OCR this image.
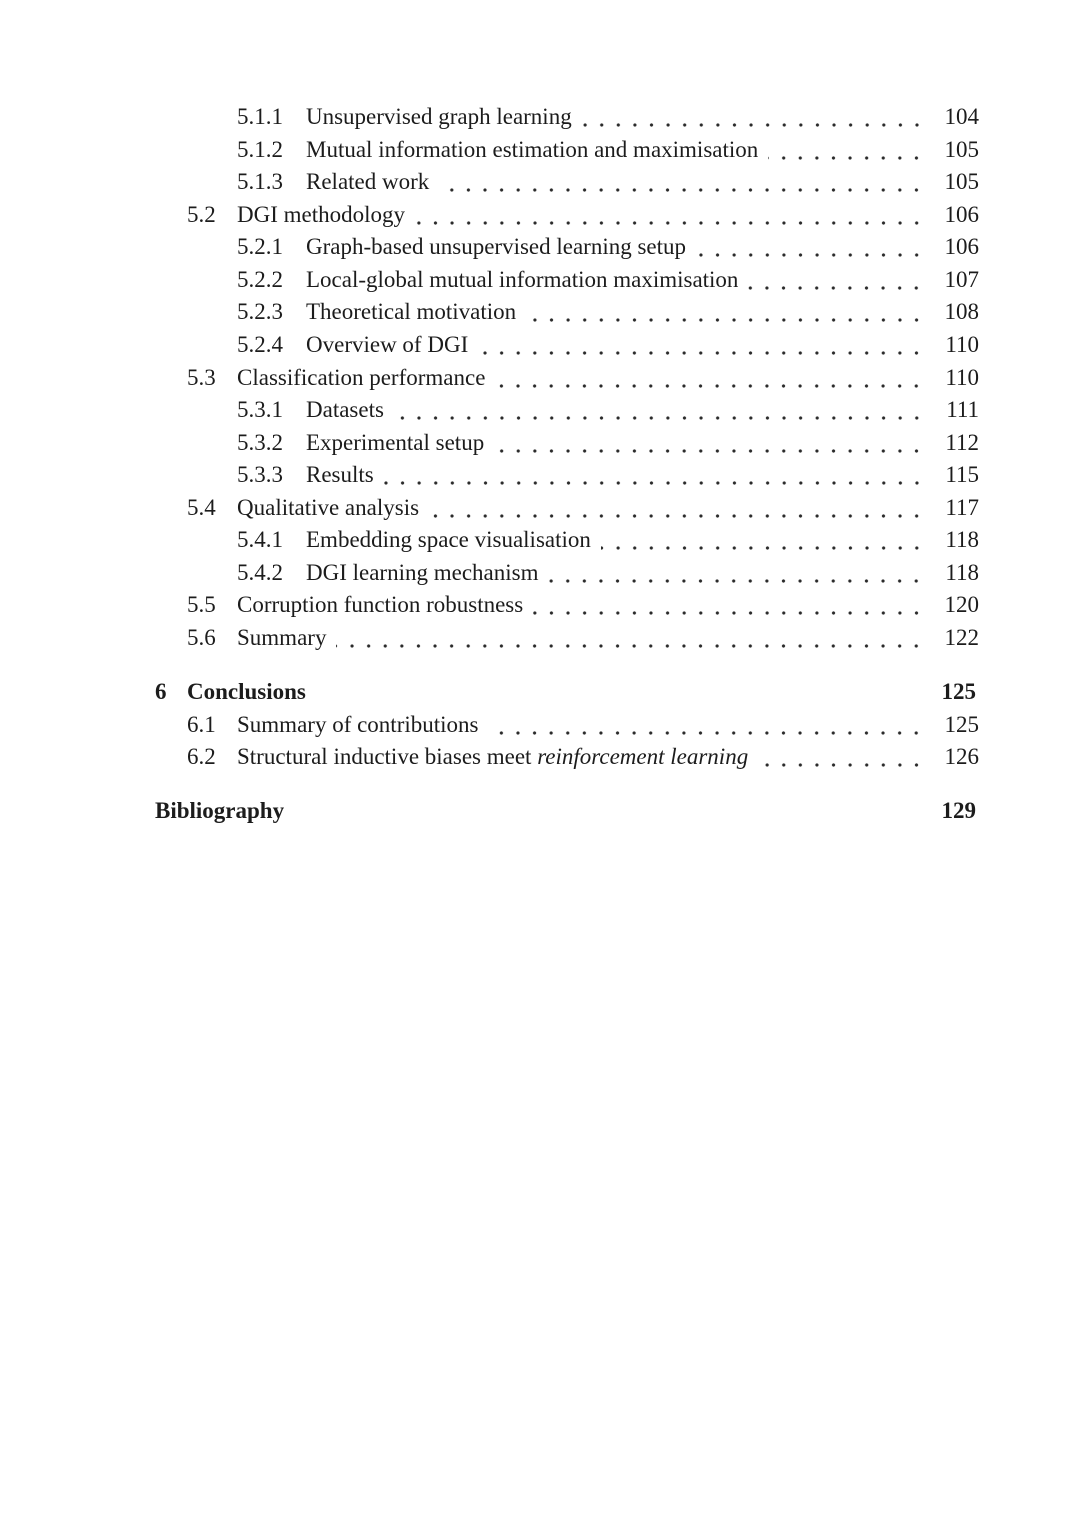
5.1.1	Unsupervised graph learning	104
5.1.2	Mutual information estimation and maximisation	105
5.1.3	Related work	105
5.2 DGI methodology	106
5.2.1	Graph-based unsupervised learning setup	106
5.2.2	Local-global mutual information maximisation	107
5.2.3	Theoretical motivation	108
5.2.4	Overview of DGI	110
5.3 Classification performance	110
5.3.1	Datasets	111
5.3.2	Experimental setup	112
5.3.3	Results	115
5.4 Qualitative analysis	117
5.4.1	Embedding space visualisation	118
5.4.2	DGI learning mechanism	118
5.5 Corruption function robustness	120
5.6 Summary	122
6 Conclusions	125
6.1 Summary of contributions	125
6.2 Structural inductive biases meet reinforcement learning	126
Bibliography	129
